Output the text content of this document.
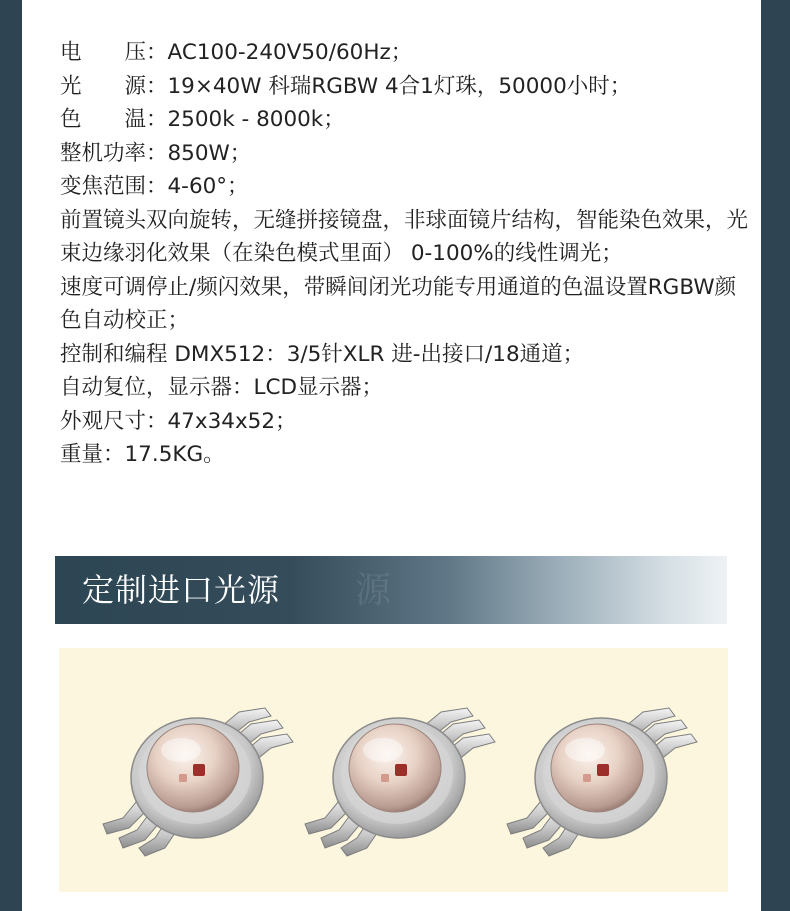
电　　压：AC100-240V50/60Hz；
光　　源：19×40W 科瑞RGBW 4合1灯珠，50000小时；
色　　温：2500k - 8000k；
整机功率：850W；
变焦范围：4-60°；
前置镜头双向旋转，无缝拼接镜盘，非球面镜片结构，智能染色效果，光束边缘羽化效果（在染色模式里面） 0-100%的线性调光；
速度可调停止/频闪效果，带瞬间闭光功能专用通道的色温设置RGBW颜色自动校正；
控制和编程 DMX512：3/5针XLR 进-出接口/18通道；
自动复位，显示器：LCD显示器；
外观尺寸：47x34x52；
重量：17.5KG。
定制进口光源 源
